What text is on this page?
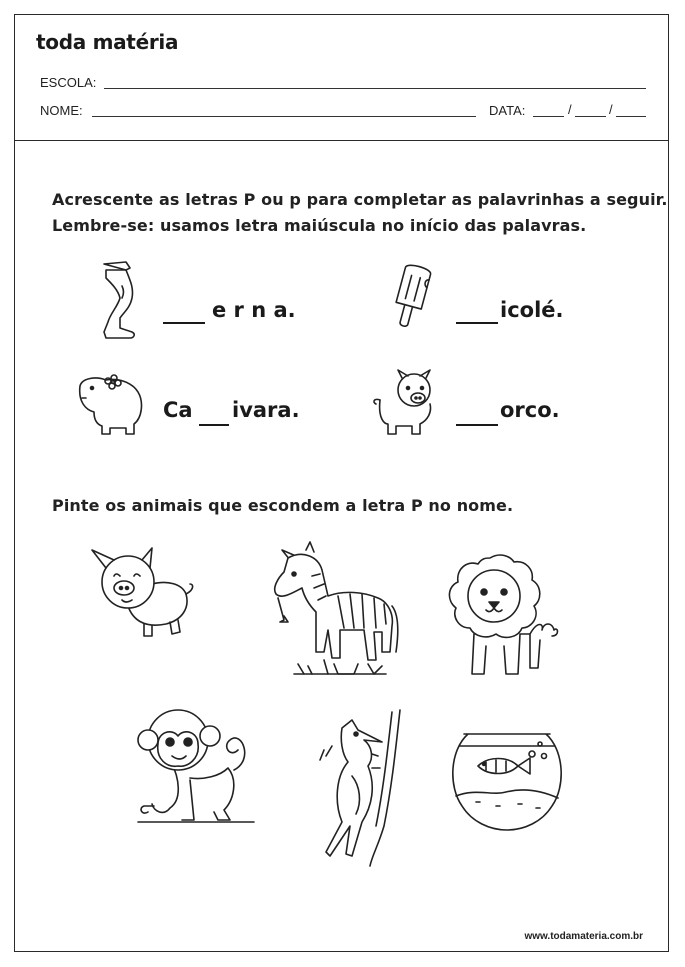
toda matéria
ESCOLA:
NOME:	DATA:	/	/
Acrescente as letras P ou p para completar as palavrinhas a seguir.
Lembre-se: usamos letra maiúscula no início das palavras.
e r n a.	icolé.
Ca ivara.	orco.
Pinte os animais que escondem a letra P no nome.
www.todamateria.com.br
